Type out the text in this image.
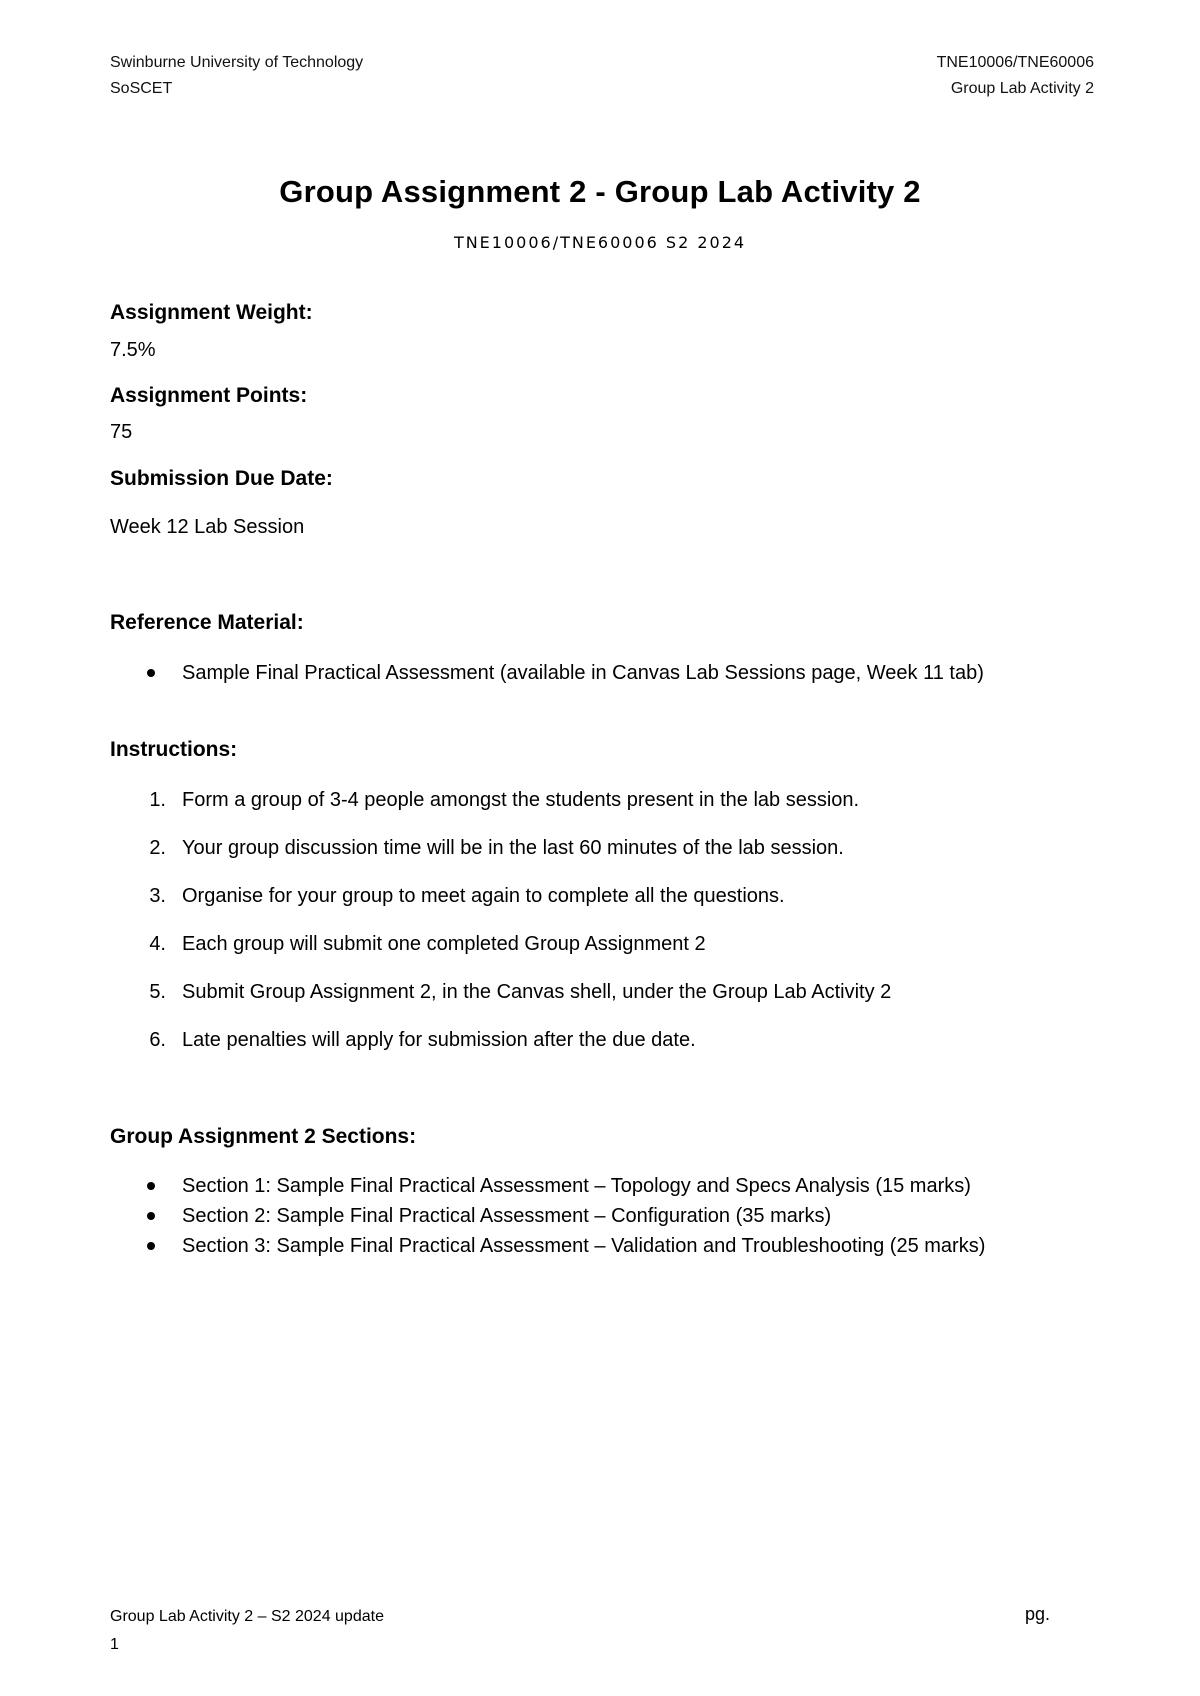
Swinburne University of Technology
SoSCET
TNE10006/TNE60006
Group Lab Activity 2
Group Assignment 2 - Group Lab Activity 2
TNE10006/TNE60006 S2 2024
Assignment Weight:
7.5%
Assignment Points:
75
Submission Due Date:
Week 12 Lab Session
Reference Material:
Sample Final Practical Assessment (available in Canvas Lab Sessions page, Week 11 tab)
Instructions:
1. Form a group of 3-4 people amongst the students present in the lab session.
2. Your group discussion time will be in the last 60 minutes of the lab session.
3. Organise for your group to meet again to complete all the questions.
4. Each group will submit one completed Group Assignment 2
5. Submit Group Assignment 2, in the Canvas shell, under the Group Lab Activity 2
6. Late penalties will apply for submission after the due date.
Group Assignment 2 Sections:
Section 1: Sample Final Practical Assessment – Topology and Specs Analysis (15 marks)
Section 2: Sample Final Practical Assessment – Configuration (35 marks)
Section 3: Sample Final Practical Assessment – Validation and Troubleshooting (25 marks)
Group Lab Activity 2 – S2 2024 update
1
pg.
